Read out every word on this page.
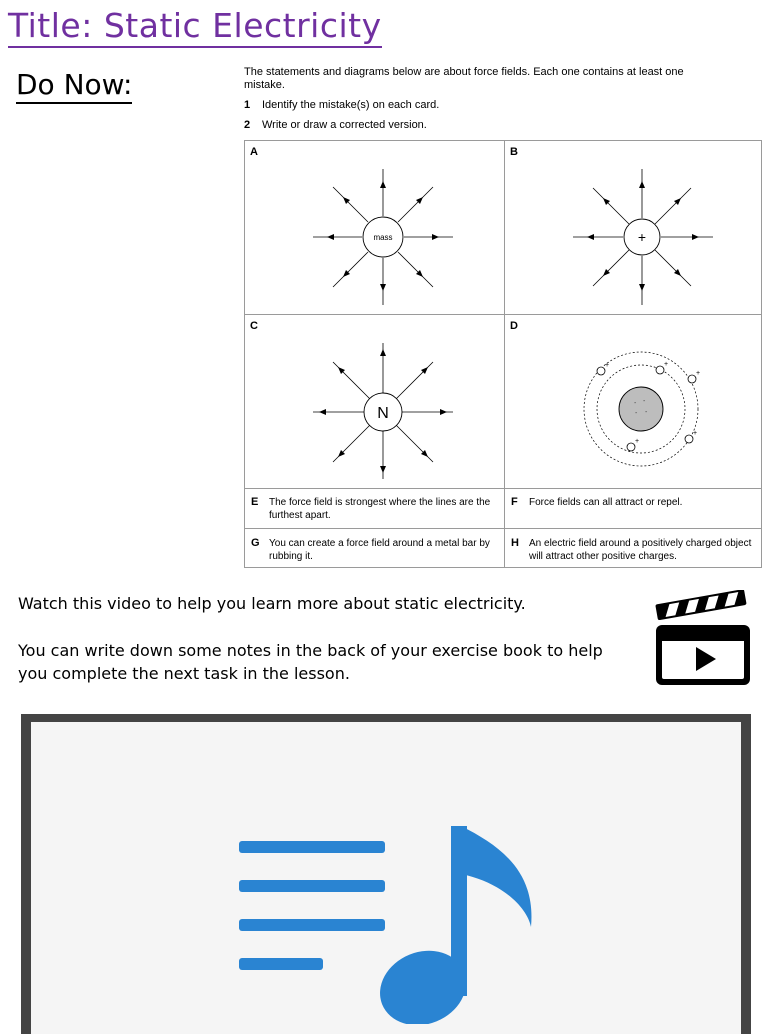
Title: Static Electricity
Do Now:	The statements and diagrams below are about force fields. Each one contains at least one mistake.

1 Identify the mistake(s) on each card.
2 Write or draw a corrected version.
A
mass
B
+
C
N
D
- -
- -
+	+
+
+
+
E The force field is strongest where the lines are the furthest apart.
F Force fields can all attract or repel.
G You can create a force field around a metal bar by rubbing it.
H An electric field around a positively charged object will attract other positive charges.
Watch this video to help you learn more about static electricity.
You can write down some notes in the back of your exercise book to help you complete the next task in the lesson.
